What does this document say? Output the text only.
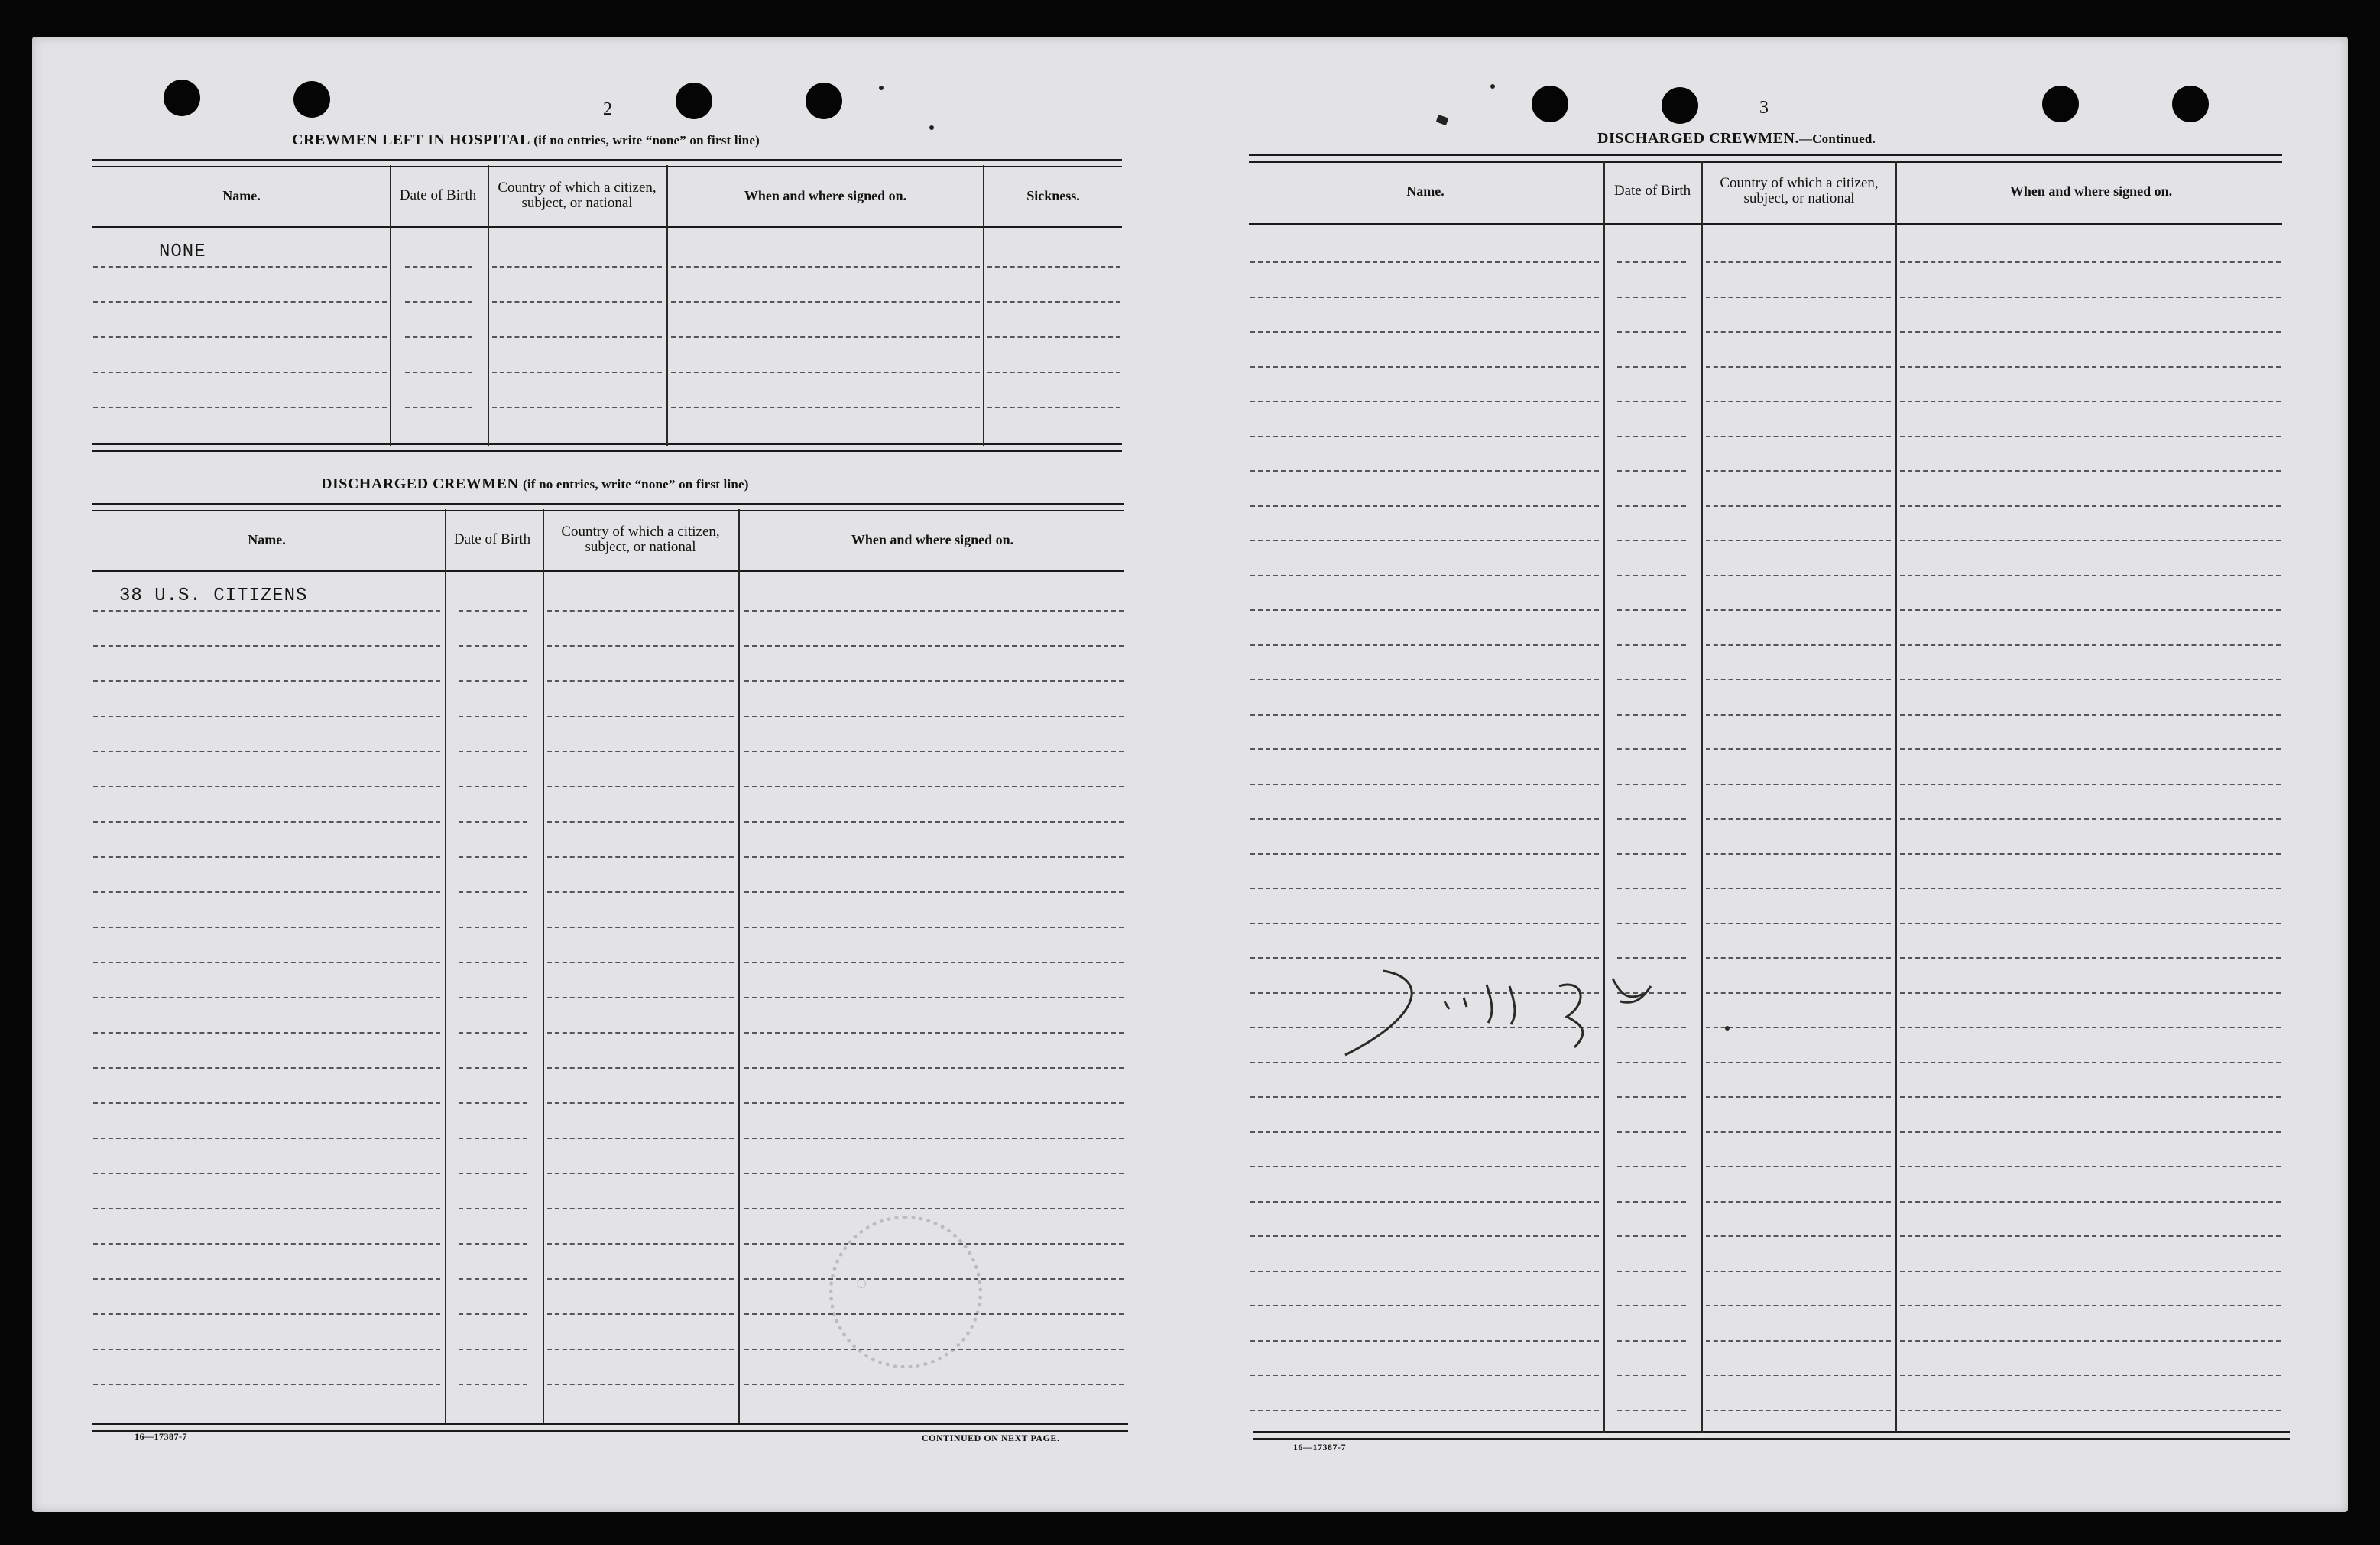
2
CREWMEN LEFT IN HOSPITAL (if no entries, write “none” on first line)
Name.	Date of Birth	Country of which a citizen, subject, or national	When and where signed on.	Sickness.
NONE
DISCHARGED CREWMEN (if no entries, write “none” on first line)
Name.	Date of Birth	Country of which a citizen, subject, or national	When and where signed on.
38 U.S. CITIZENS
16—17387-7	CONTINUED ON NEXT PAGE.
◌
3
DISCHARGED CREWMEN.—Continued.
Name.	Date of Birth	Country of which a citizen, subject, or national	When and where signed on.
16—17387-7
